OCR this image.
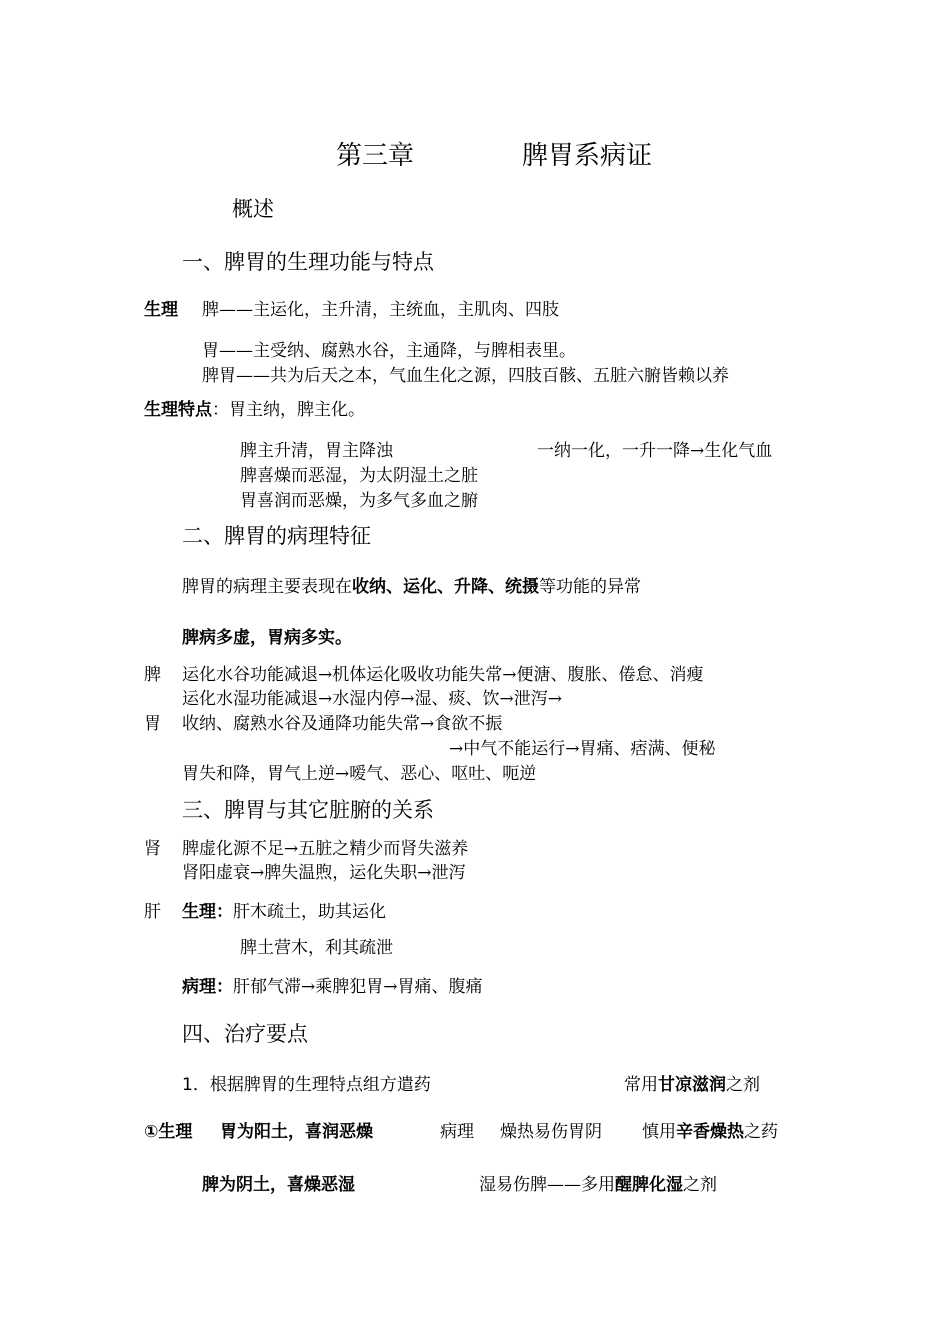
第三章	脾胃系病证
概述
一、脾胃的生理功能与特点
生理 脾——主运化，主升清，主统血，主肌肉、四肢
胃——主受纳、腐熟水谷，主通降，与脾相表里。
脾胃——共为后天之本，气血生化之源，四肢百骸、五脏六腑皆赖以养
生理特点：胃主纳，脾主化。
脾主升清，胃主降浊	一纳一化，一升一降→生化气血
脾喜燥而恶湿，为太阴湿土之脏
胃喜润而恶燥，为多气多血之腑
二、脾胃的病理特征
脾胃的病理主要表现在收纳、运化、升降、统摄等功能的异常
脾病多虚，胃病多实。
脾 运化水谷功能减退→机体运化吸收功能失常→便溏、腹胀、倦怠、消瘦
运化水湿功能减退→水湿内停→湿、痰、饮→泄泻→
胃 收纳、腐熟水谷及通降功能失常→食欲不振
→中气不能运行→胃痛、痞满、便秘
胃失和降，胃气上逆→嗳气、恶心、呕吐、呃逆
三、脾胃与其它脏腑的关系
肾 脾虚化源不足→五脏之精少而肾失滋养
肾阳虚衰→脾失温煦，运化失职→泄泻
肝 生理：肝木疏土，助其运化
脾土营木，利其疏泄
病理：肝郁气滞→乘脾犯胃→胃痛、腹痛
四、治疗要点
1．根据脾胃的生理特点组方遣药	常用甘凉滋润之剂
①生理 胃为阳土，喜润恶燥	病理 燥热易伤胃阴 慎用辛香燥热之药
脾为阴土，喜燥恶湿	湿易伤脾——多用醒脾化湿之剂
